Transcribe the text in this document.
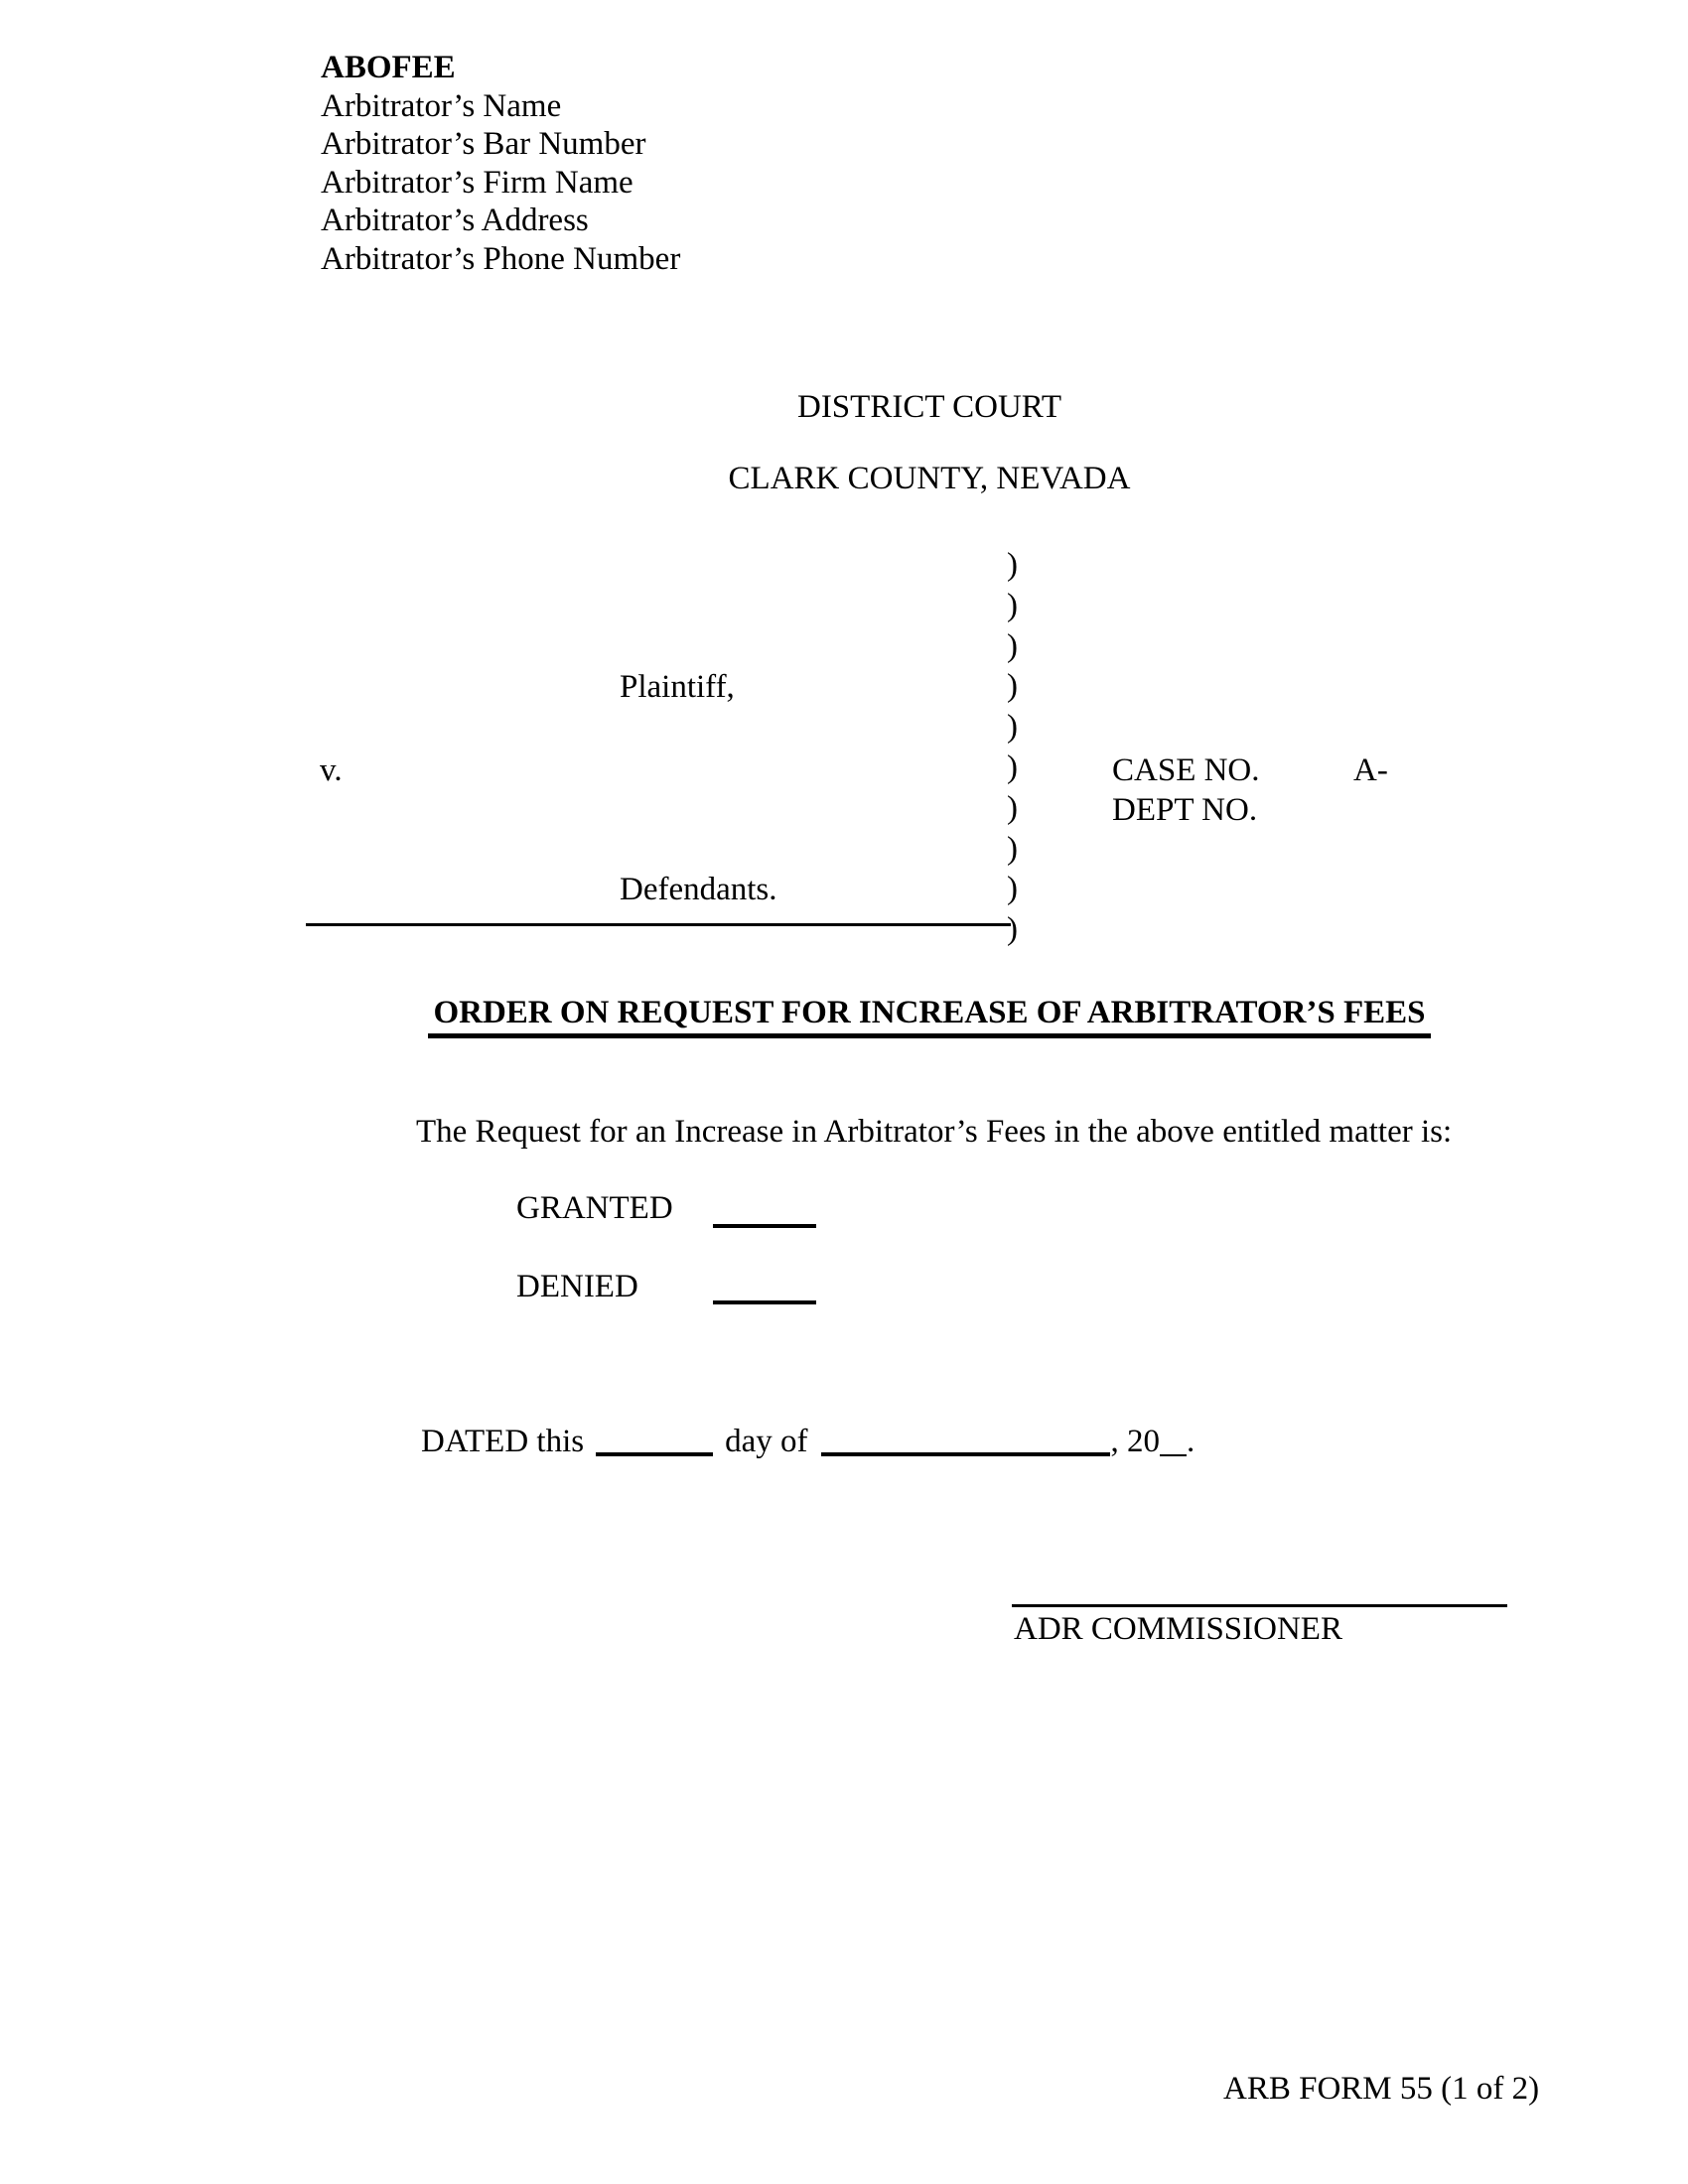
ABOFEE
Arbitrator’s Name
Arbitrator’s Bar Number
Arbitrator’s Firm Name
Arbitrator’s Address
Arbitrator’s Phone Number
DISTRICT COURT
CLARK COUNTY, NEVADA
)
)
)
)
)
)
)
)
)
)
Plaintiff,
v.	CASE NO.	A-
DEPT NO.
Defendants.
ORDER ON REQUEST FOR INCREASE OF ARBITRATOR’S FEES
The Request for an Increase in Arbitrator’s Fees in the above entitled matter is:
GRANTED
DENIED
DATED this	day of	, 20 .
ADR COMMISSIONER
ARB FORM 55 (1 of 2)
